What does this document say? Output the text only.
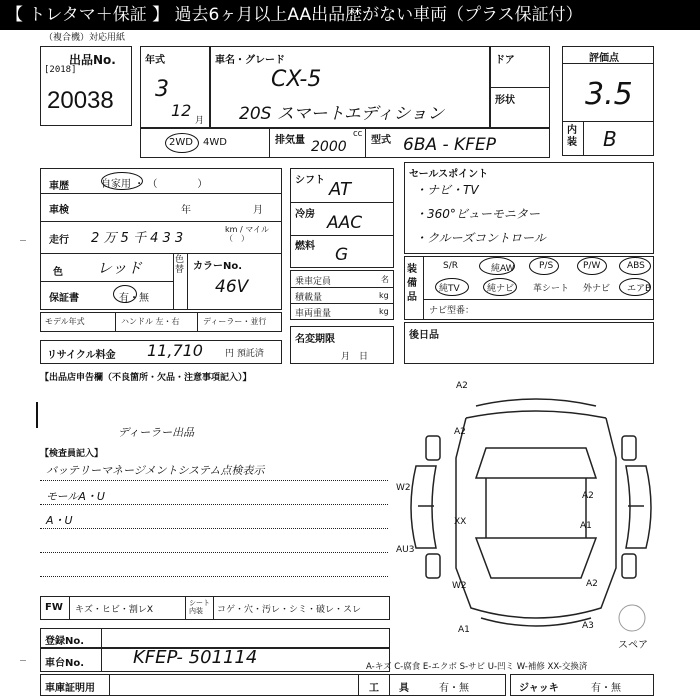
【 トレタマ＋保証 】 過去6ヶ月以上AA出品歴がない車両（プラス保証付）
（複合機）対応用紙
出品No.
[2018]
20038
年式
3
12
月
車名・グレード
CX-5
20S スマートエディション
ドア
形状
評価点
3.5
内装 B
2WD 4WD	排気量 2000
cc
型式 6BA - KFEP
車歴	自家用 ・ （　　　　）
車検	年	月
走行 2 万 5 千 4 3 3
km / マイル（　）
色 レッド	色替 カラーNo.
46V
保証書	有・無
モデル年式	ハンドル 左・右	ディーラー・並行
リサイクル料金 11,710 円 預託済
シフト AT
冷房 AAC
燃料 G
乗車定員	名
積載量	kg
車両重量	kg
名変期限
月　日
セールスポイント
・ナビ・TV
・360°ビューモニター
・クルーズコントロール
装備品
S/R	純AW	P/S	P/W	ABS
純TV	純ナビ 革シート 外ナビ エアB
ナビ型番：
後日品
【出品店申告欄（不良箇所・欠品・注意事項記入）】
ディーラー出品
【検査員記入】
バッテリーマネージメントシステム点検表示
モールA・U
A・U
A2
A2
W2
A2
A1
XX
AU3
W2	A2
A1	A3
スペア
FW キズ・ヒビ・割レX
シート内装	コゲ・穴・汚レ・シミ・破レ・スレ
登録No.
車台No.	KFEP- 501114
車庫証明用
A-キズ C-腐食 E-エクボ S-サビ U-凹ミ W-補修 XX-交換済
工　　具	有・無	ジャッキ	有・無
